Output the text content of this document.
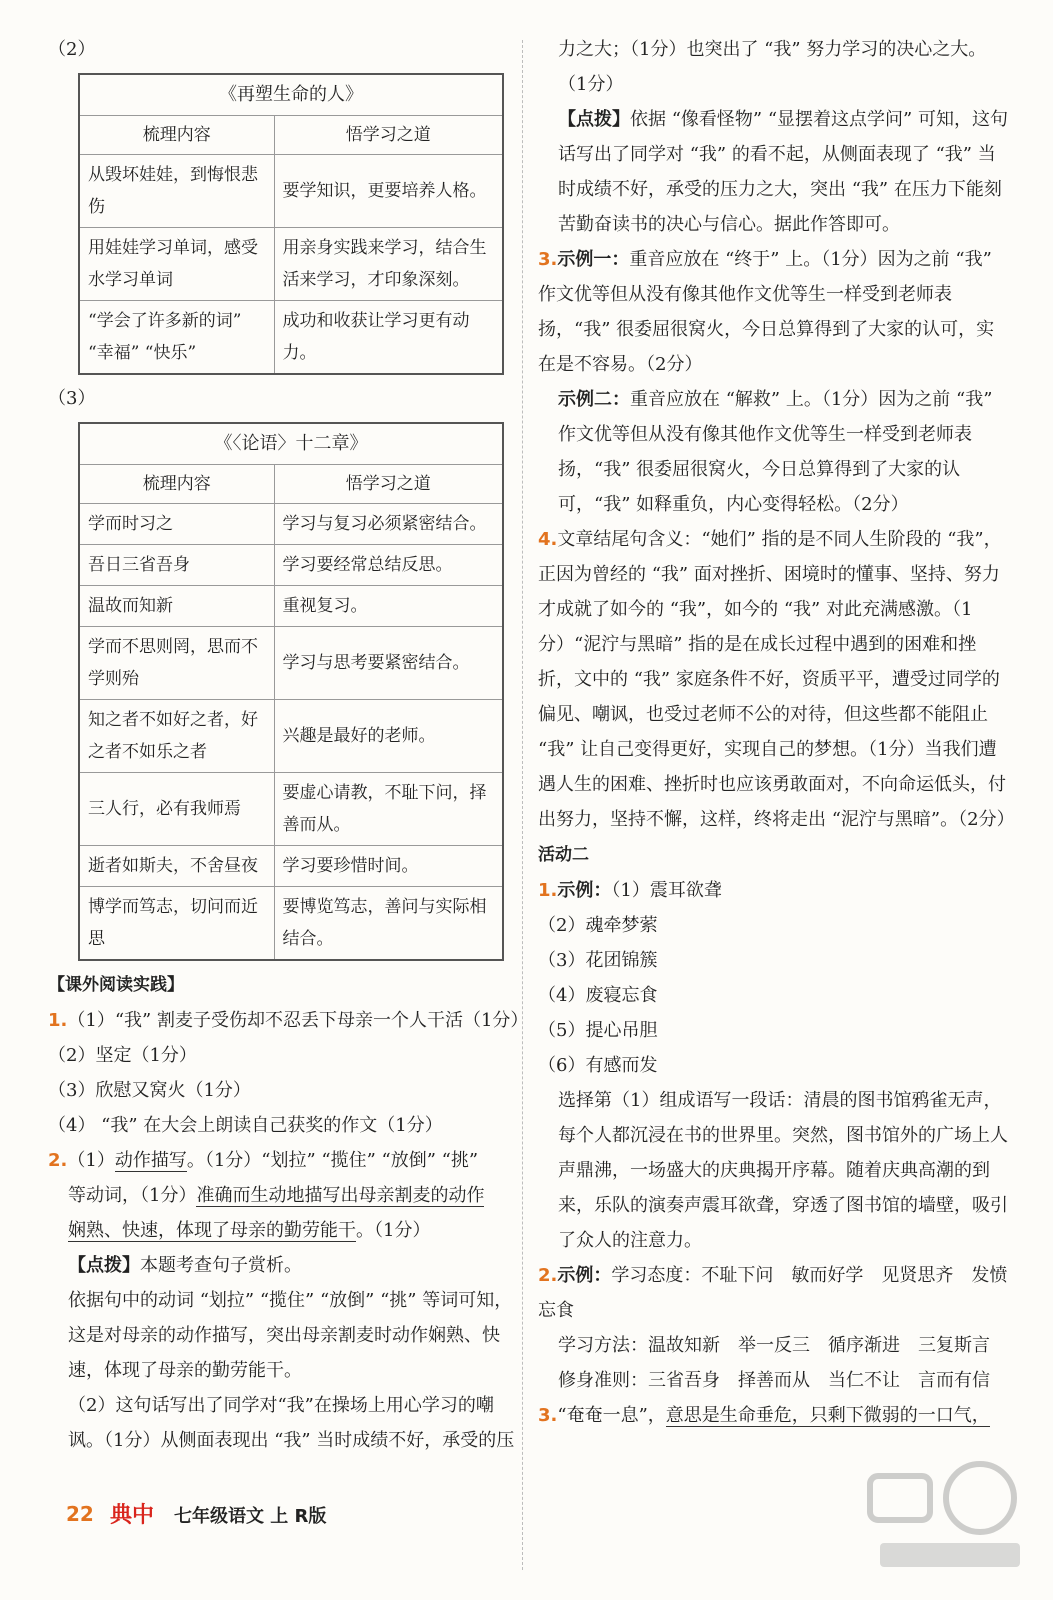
（2）
《再塑生命的人》	
梳理内容	悟学习之道
从毁坏娃娃，到悔恨悲伤	要学知识，更要培养人格。
用娃娃学习单词，感受水学习单词	用亲身实践来学习，结合生活来学习，才印象深刻。
“学会了许多新的词” “幸福” “快乐”	成功和收获让学习更有动力。
（3）
《〈论语〉十二章》	
梳理内容	悟学习之道
学而时习之	学习与复习必须紧密结合。
吾日三省吾身	学习要经常总结反思。
温故而知新	重视复习。
学而不思则罔，思而不学则殆	学习与思考要紧密结合。
知之者不如好之者，好之者不如乐之者	兴趣是最好的老师。
三人行，必有我师焉	要虚心请教，不耻下问，择善而从。
逝者如斯夫，不舍昼夜	学习要珍惜时间。
博学而笃志，切问而近思	要博览笃志，善问与实际相结合。
【课外阅读实践】
1.（1）“我” 割麦子受伤却不忍丢下母亲一个人干活（1分）
（2）坚定（1分）
（3）欣慰又窝火（1分）
（4） “我” 在大会上朗读自己获奖的作文（1分）
2.（1）动作描写。（1分）“划拉” “揽住” “放倒” “挑”
等动词，（1分）准确而生动地描写出母亲割麦的动作
娴熟、快速，体现了母亲的勤劳能干。（1分）
【点拨】本题考查句子赏析。
依据句中的动词 “划拉” “揽住” “放倒” “挑” 等词可知，这是对母亲的动作描写，突出母亲割麦时动作娴熟、快速，体现了母亲的勤劳能干。
（2）这句话写出了同学对“我”在操场上用心学习的嘲讽。（1分）从侧面表现出 “我” 当时成绩不好，承受的压
力之大；（1分）也突出了 “我” 努力学习的决心之大。
（1分）
【点拨】依据 “像看怪物” “显摆着这点学问” 可知，这句话写出了同学对 “我” 的看不起，从侧面表现了 “我” 当时成绩不好，承受的压力之大，突出 “我” 在压力下能刻苦勤奋读书的决心与信心。据此作答即可。
3.示例一：重音应放在 “终于” 上。（1分）因为之前 “我” 作文优等但从没有像其他作文优等生一样受到老师表扬，“我” 很委屈很窝火，今日总算得到了大家的认可，实在是不容易。（2分）
示例二：重音应放在 “解救” 上。（1分）因为之前 “我” 作文优等但从没有像其他作文优等生一样受到老师表扬，“我” 很委屈很窝火，今日总算得到了大家的认可，“我” 如释重负，内心变得轻松。（2分）
4.文章结尾句含义：“她们” 指的是不同人生阶段的 “我”，正因为曾经的 “我” 面对挫折、困境时的懂事、坚持、努力才成就了如今的 “我”，如今的 “我” 对此充满感激。（1分）“泥泞与黑暗” 指的是在成长过程中遇到的困难和挫折，文中的 “我” 家庭条件不好，资质平平，遭受过同学的偏见、嘲讽，也受过老师不公的对待，但这些都不能阻止 “我” 让自己变得更好，实现自己的梦想。（1分）当我们遭遇人生的困难、挫折时也应该勇敢面对，不向命运低头，付出努力，坚持不懈，这样，终将走出 “泥泞与黑暗”。（2分）
活动二
1.示例：（1）震耳欲聋
（2）魂牵梦萦
（3）花团锦簇
（4）废寝忘食
（5）提心吊胆
（6）有感而发
选择第（1）组成语写一段话：清晨的图书馆鸦雀无声，每个人都沉浸在书的世界里。突然，图书馆外的广场上人声鼎沸，一场盛大的庆典揭开序幕。随着庆典高潮的到来，乐队的演奏声震耳欲聋，穿透了图书馆的墙壁，吸引了众人的注意力。
2.示例：学习态度：不耻下问　敏而好学　见贤思齐　发愤忘食
学习方法：温故知新　举一反三　循序渐进　三复斯言
修身准则：三省吾身　择善而从　当仁不让　言而有信
3.“奄奄一息”，意思是生命垂危，只剩下微弱的一口气，
22 典中	七年级语文 上 R版
